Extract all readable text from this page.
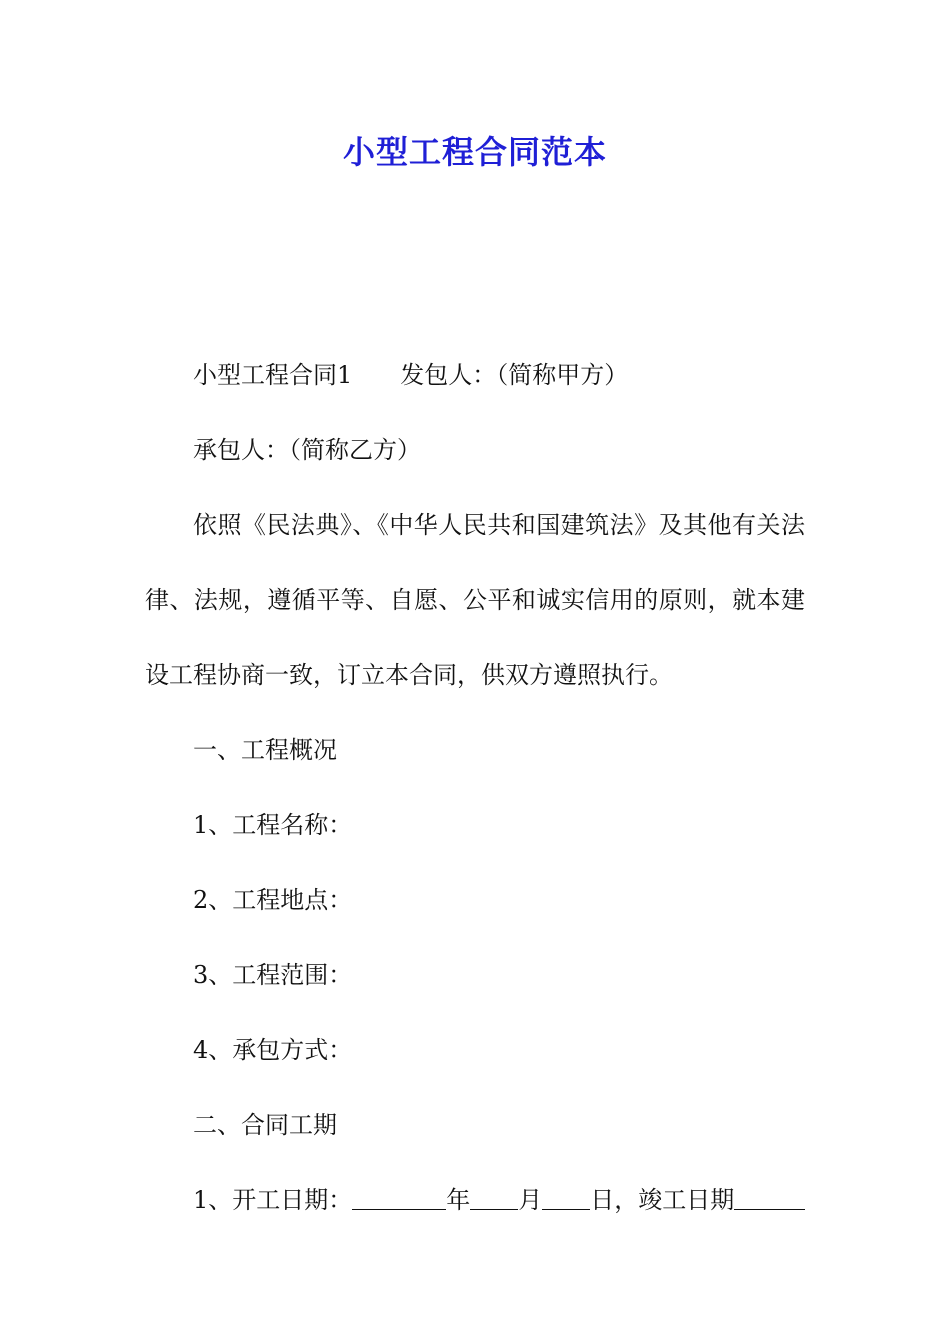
小型工程合同范本

小型工程合同1 发包人：（简称甲方）

承包人：（简称乙方）

依照《民法典》、《中华人民共和国建筑法》及其他有关法律、法规，遵循平等、自愿、公平和诚实信用的原则，就本建设工程协商一致，订立本合同，供双方遵照执行。

一、工程概况

1、工程名称：

2、工程地点：

3、工程范围：

4、承包方式：

二、合同工期

1、开工日期：	年 月 日，竣工日期
